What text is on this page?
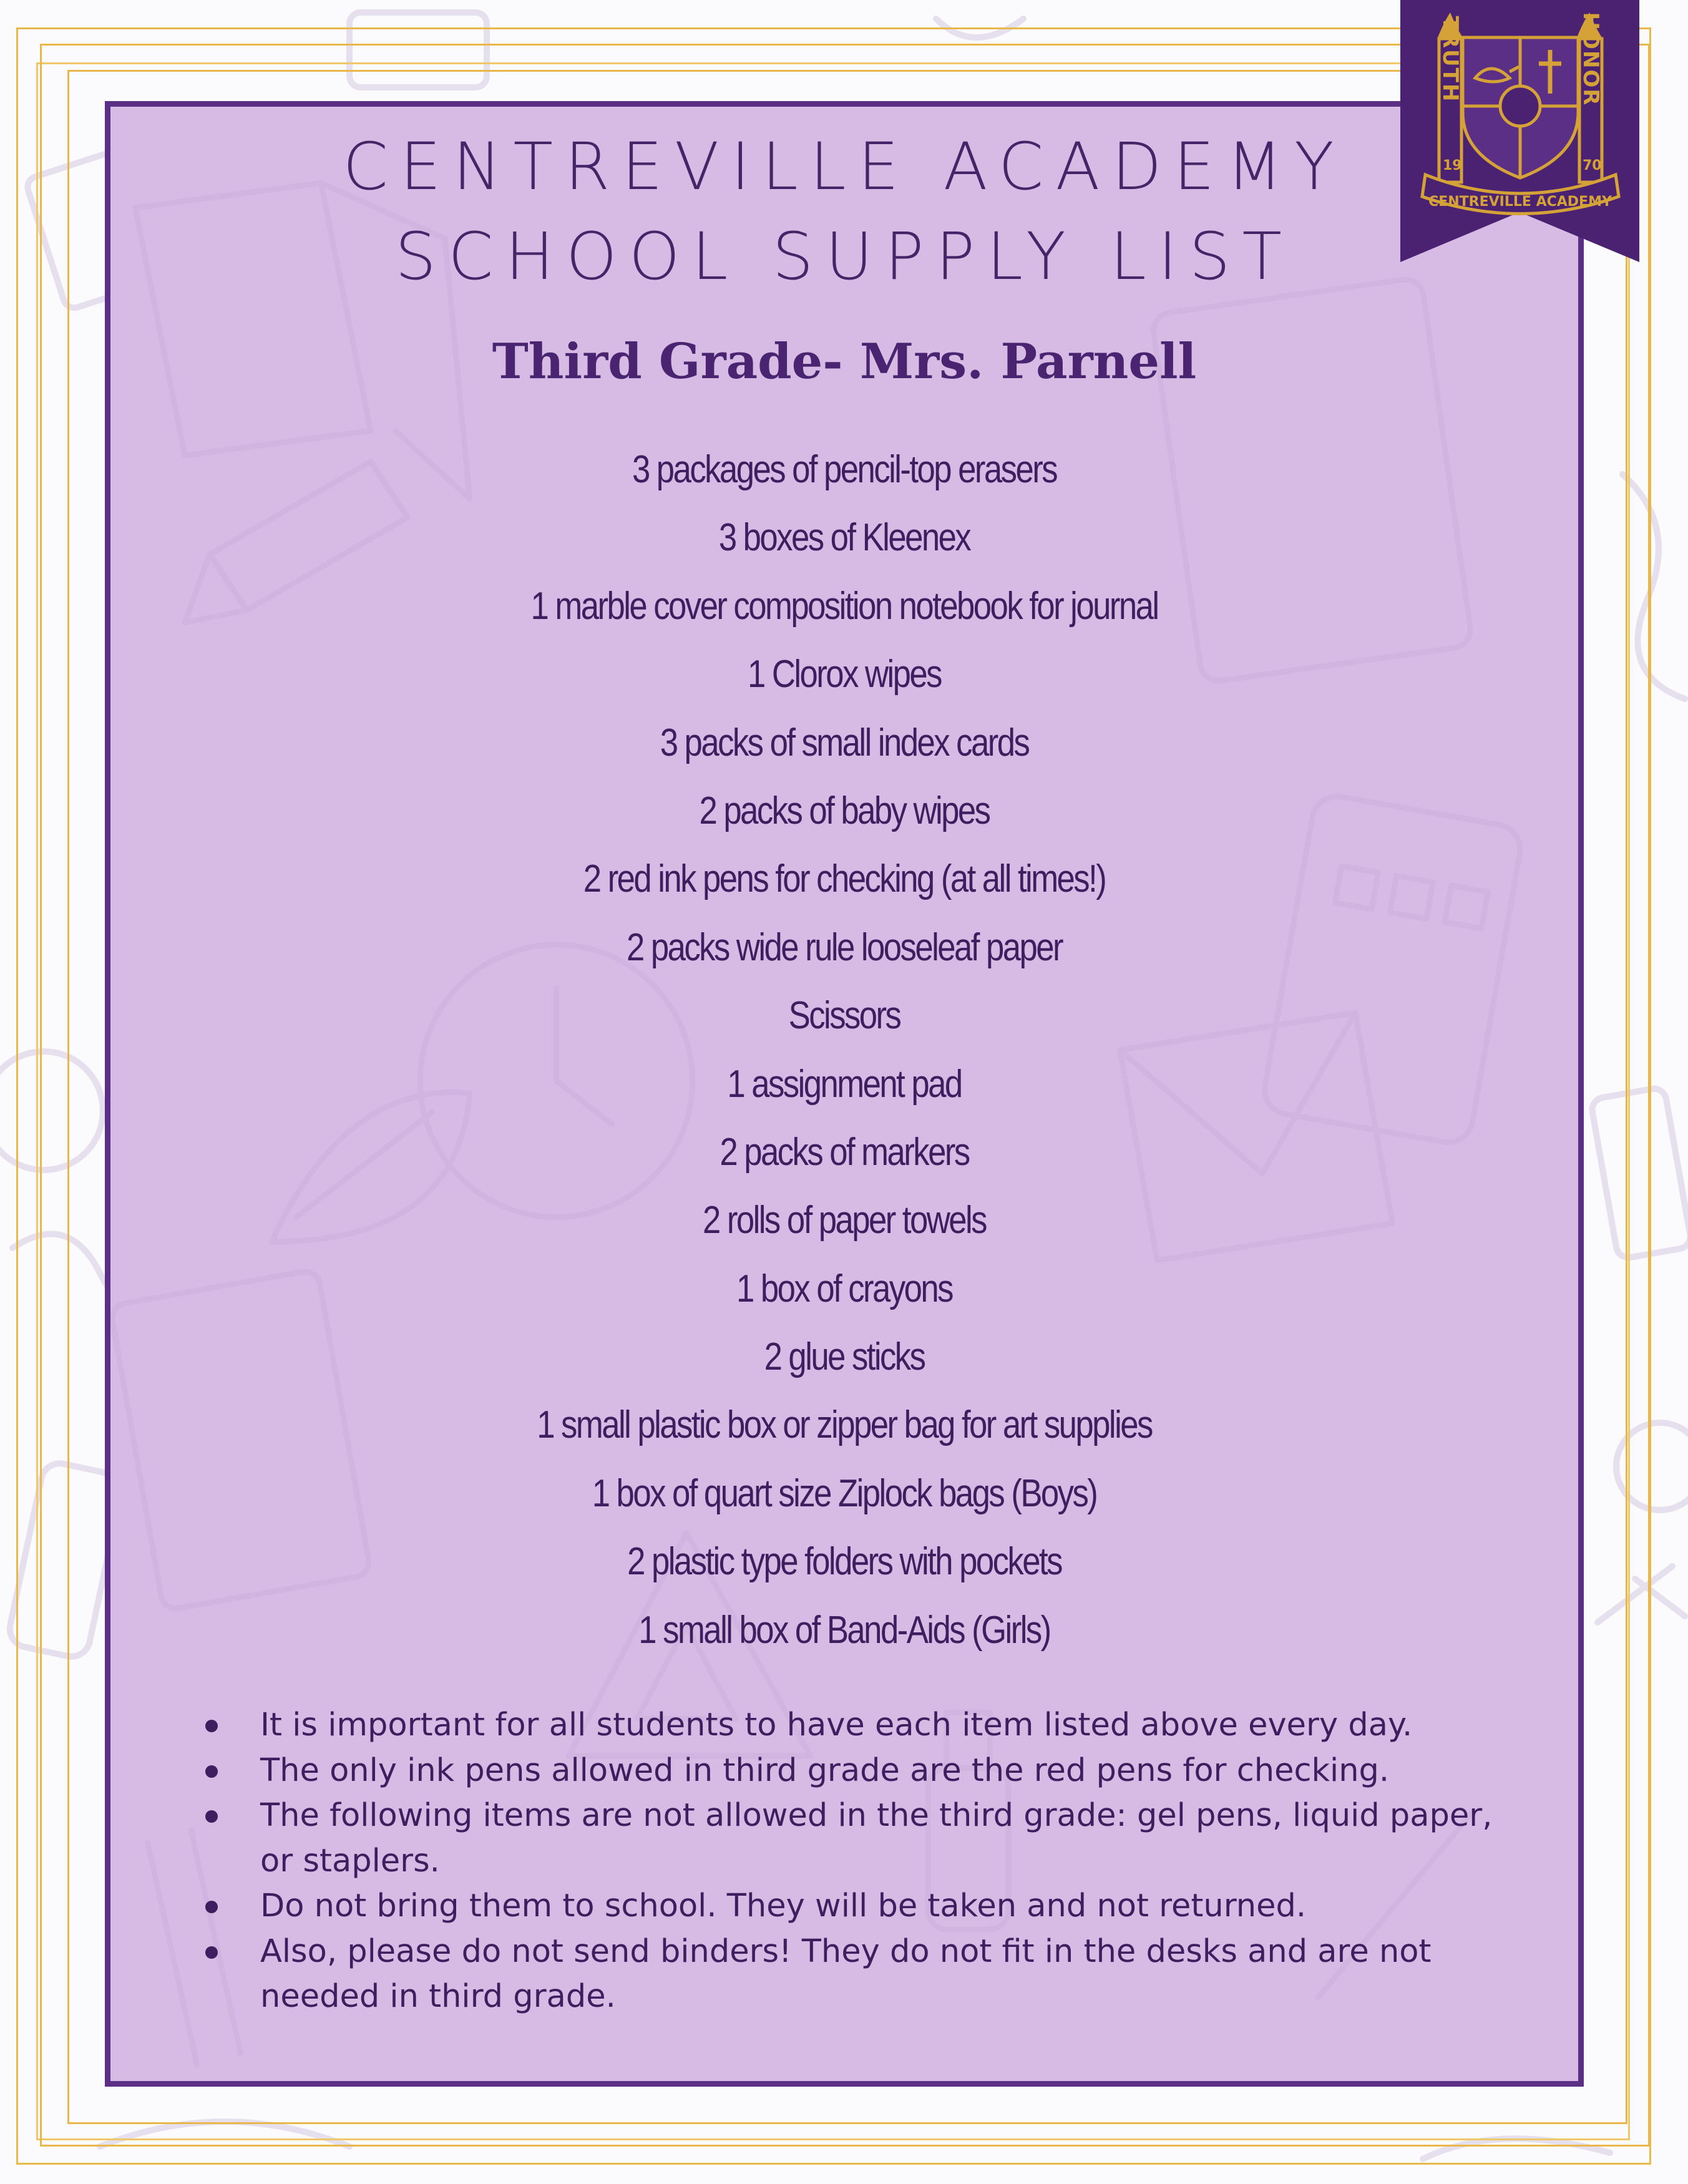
CENTREVILLE ACADEMY
SCHOOL SUPPLY LIST
Third Grade- Mrs. Parnell
3 packages of pencil-top erasers
3 boxes of Kleenex
1 marble cover composition notebook for journal
1 Clorox wipes
3 packs of small index cards
2 packs of baby wipes
2 red ink pens for checking (at all times!)
2 packs wide rule looseleaf paper
Scissors
1 assignment pad
2 packs of markers
2 rolls of paper towels
1 box of crayons
2 glue sticks
1 small plastic box or zipper bag for art supplies
1 box of quart size Ziplock bags (Boys)
2 plastic type folders with pockets
1 small box of Band-Aids (Girls)
It is important for all students to have each item listed above every day.
The only ink pens allowed in third grade are the red pens for checking.
The following items are not allowed in the third grade: gel pens, liquid paper, or staplers.
Do not bring them to school. They will be taken and not returned.
Also, please do not send binders! They do not fit in the desks and are not needed in third grade.
TRUTH	HONOR
19	70
CENTREVILLE ACADEMY
